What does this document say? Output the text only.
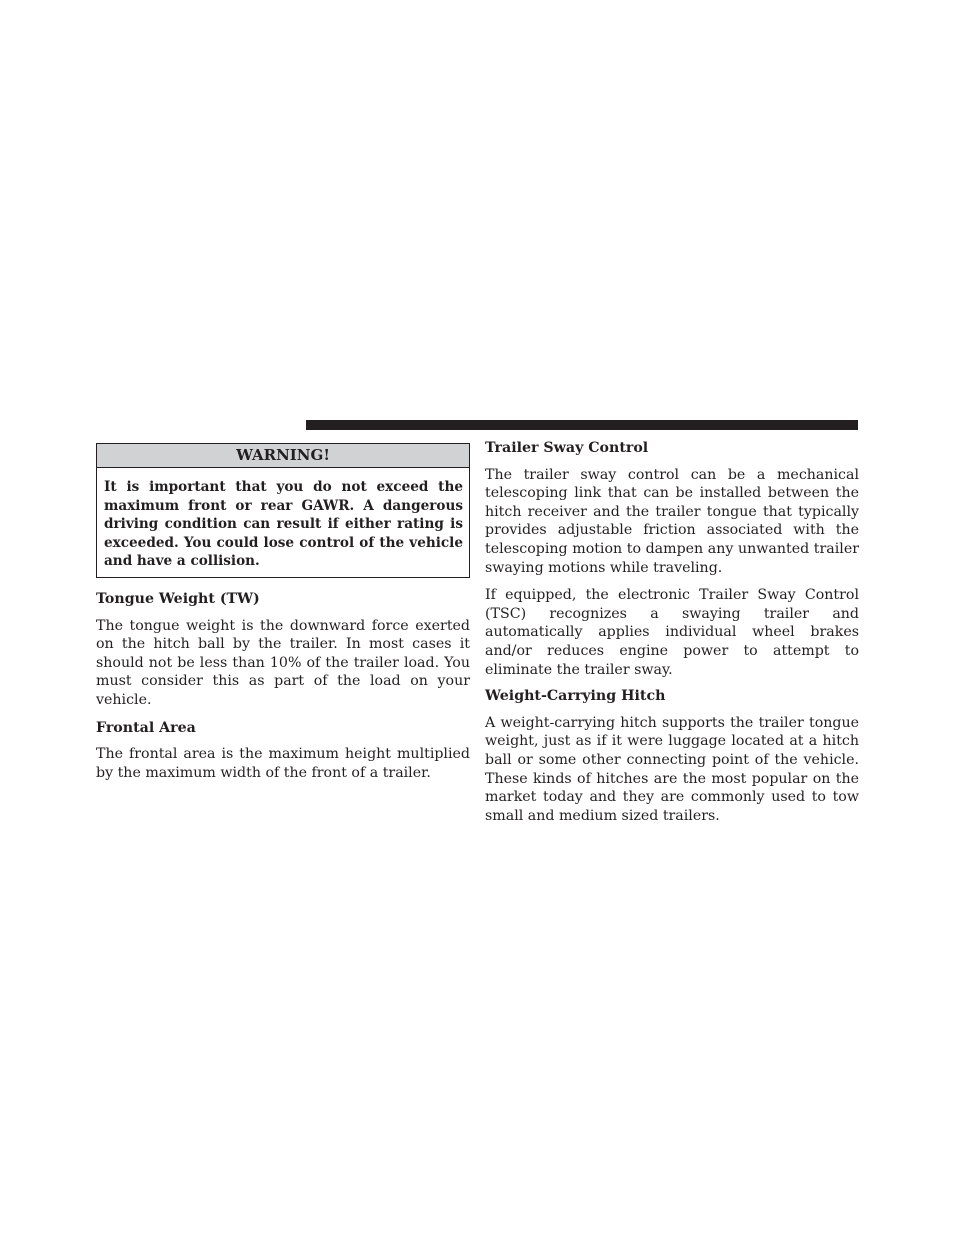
WARNING!
It is important that you do not exceed the maximum front or rear GAWR. A dangerous driving condition can result if either rating is exceeded. You could lose control of the vehicle and have a collision.
Tongue Weight (TW)

The tongue weight is the downward force exerted on the hitch ball by the trailer. In most cases it should not be less than 10% of the trailer load. You must consider this as part of the load on your vehicle.

Frontal Area

The frontal area is the maximum height multiplied by the maximum width of the front of a trailer.

Trailer Sway Control

The trailer sway control can be a mechanical telescoping link that can be installed between the hitch receiver and the trailer tongue that typically provides adjustable friction associated with the telescoping motion to dampen any unwanted trailer swaying motions while traveling.

If equipped, the electronic Trailer Sway Control (TSC) recognizes a swaying trailer and automatically applies individual wheel brakes and/or reduces engine power to attempt to eliminate the trailer sway.

Weight-Carrying Hitch

A weight-carrying hitch supports the trailer tongue weight, just as if it were luggage located at a hitch ball or some other connecting point of the vehicle. These kinds of hitches are the most popular on the market today and they are commonly used to tow small and medium sized trailers.
